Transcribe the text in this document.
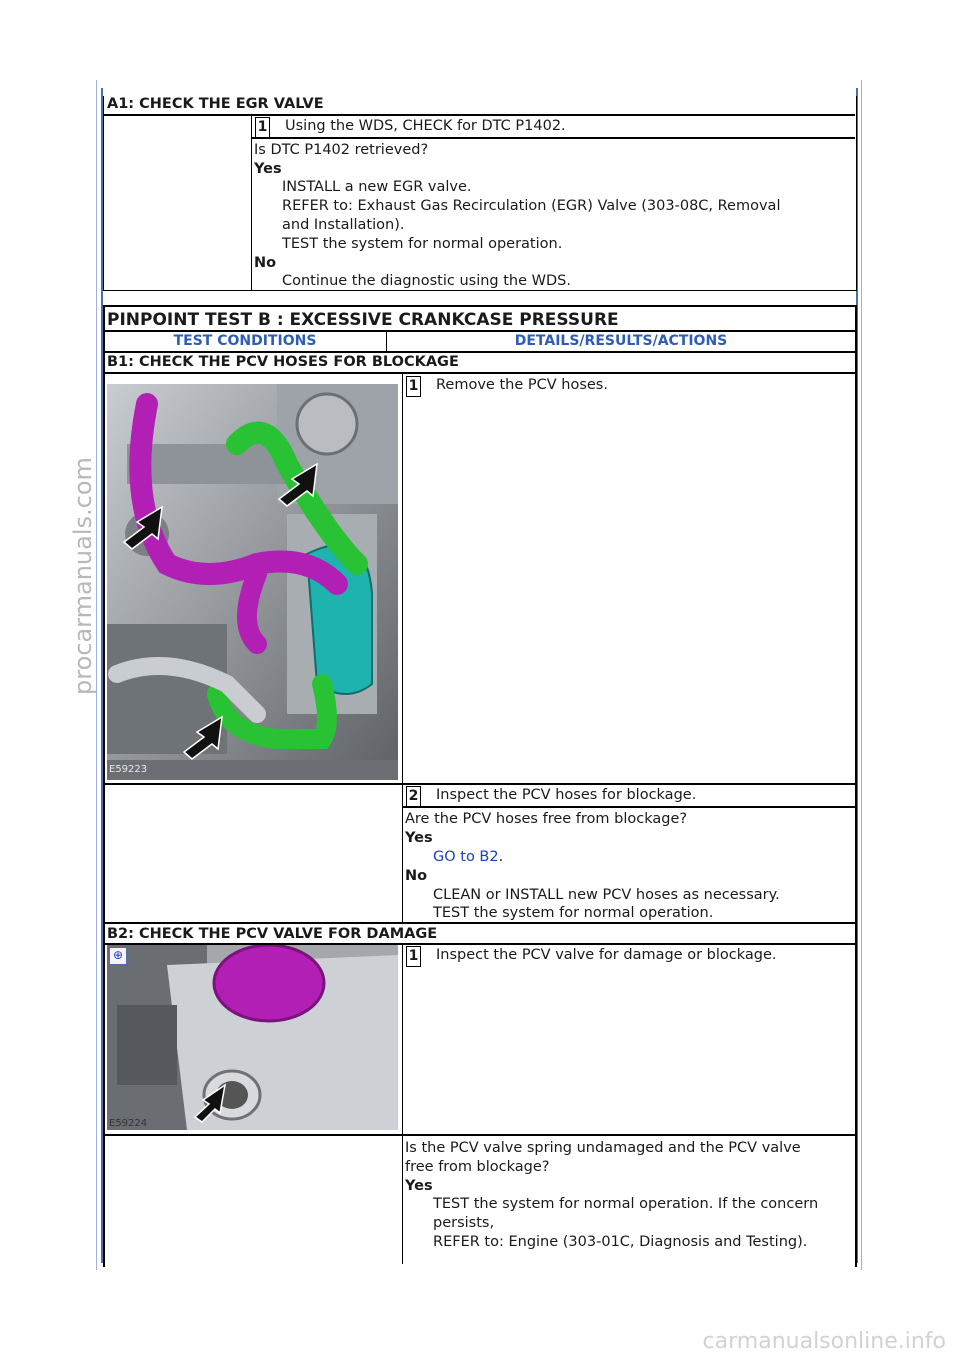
A1: CHECK THE EGR VALVE
1 Using the WDS, CHECK for DTC P1402.
Is DTC P1402 retrieved?
Yes
INSTALL a new EGR valve.
REFER to: Exhaust Gas Recirculation (EGR) Valve (303-08C, Removal
and Installation).
TEST the system for normal operation.
No
Continue the diagnostic using the WDS.
PINPOINT TEST B : EXCESSIVE CRANKCASE PRESSURE
TEST CONDITIONS	DETAILS/RESULTS/ACTIONS
B1: CHECK THE PCV HOSES FOR BLOCKAGE
E59223
1 Remove the PCV hoses.
2 Inspect the PCV hoses for blockage.
Are the PCV hoses free from blockage?
Yes
GO to B2.
No
CLEAN or INSTALL new PCV hoses as necessary.
TEST the system for normal operation.
B2: CHECK THE PCV VALVE FOR DAMAGE
⊕
E59224
1 Inspect the PCV valve for damage or blockage.
Is the PCV valve spring undamaged and the PCV valve
free from blockage?
Yes
TEST the system for normal operation. If the concern
persists,
REFER to: Engine (303-01C, Diagnosis and Testing).
procarmanuals.com
carmanualsonline.info
